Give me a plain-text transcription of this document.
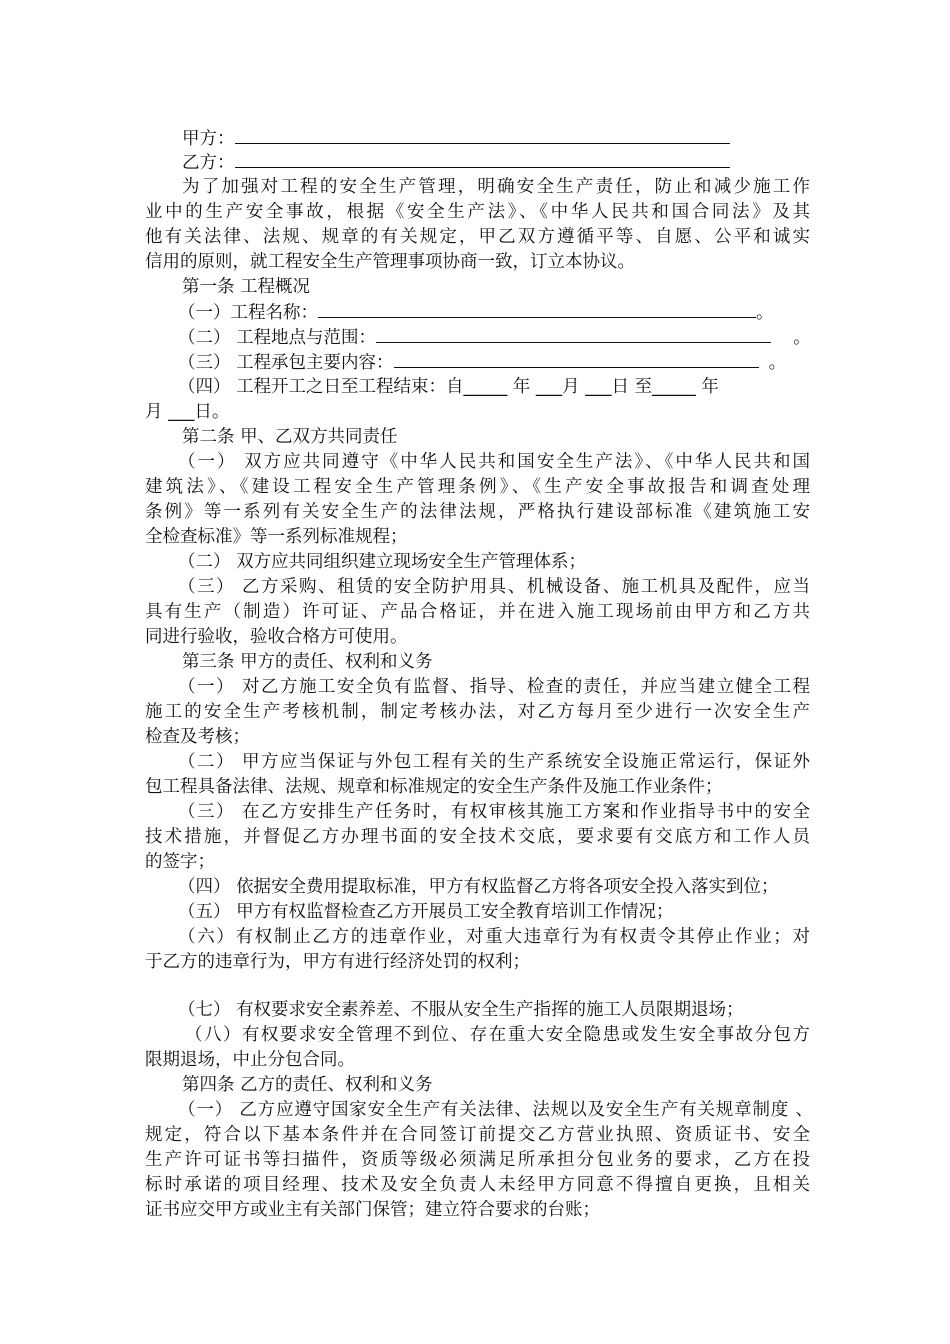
甲方：
乙方：
为了加强对工程的安全生产管理，明确安全生产责任，防止和减少施工作
业中的生产安全事故，根据《安全生产法》、《中华人民共和国合同法》及其
他有关法律、法规、规章的有关规定，甲乙双方遵循平等、自愿、公平和诚实
信用的原则，就工程安全生产管理事项协商一致，订立本协议。
第一条 工程概况
（一）工程名称：	。
（二） 工程地点与范围：	。
（三） 工程承包主要内容：	。
（四） 工程开工之日至工程结束：自_____ 年 ___月 ___日 至_____ 年
月 ___日。
第二条 甲、乙双方共同责任
（一） 双方应共同遵守《中华人民共和国安全生产法》、《中华人民共和国
建筑法》、《建设工程安全生产管理条例》、《生产安全事故报告和调查处理
条例》等一系列有关安全生产的法律法规，严格执行建设部标准《建筑施工安
全检查标准》等一系列标准规程；
（二） 双方应共同组织建立现场安全生产管理体系；
（三） 乙方采购、租赁的安全防护用具、机械设备、施工机具及配件，应当
具有生产（制造）许可证、产品合格证，并在进入施工现场前由甲方和乙方共
同进行验收，验收合格方可使用。
第三条 甲方的责任、权利和义务
（一） 对乙方施工安全负有监督、指导、检查的责任，并应当建立健全工程
施工的安全生产考核机制，制定考核办法，对乙方每月至少进行一次安全生产
检查及考核；
（二） 甲方应当保证与外包工程有关的生产系统安全设施正常运行，保证外
包工程具备法律、法规、规章和标准规定的安全生产条件及施工作业条件；
（三） 在乙方安排生产任务时，有权审核其施工方案和作业指导书中的安全
技术措施，并督促乙方办理书面的安全技术交底，要求要有交底方和工作人员
的签字；
（四） 依据安全费用提取标准，甲方有权监督乙方将各项安全投入落实到位；
（五） 甲方有权监督检查乙方开展员工安全教育培训工作情况；
（六）有权制止乙方的违章作业，对重大违章行为有权责令其停止作业；对
于乙方的违章行为，甲方有进行经济处罚的权利；
（七） 有权要求安全素养差、不服从安全生产指挥的施工人员限期退场；
（八）有权要求安全管理不到位、存在重大安全隐患或发生安全事故分包方
限期退场，中止分包合同。
第四条 乙方的责任、权利和义务
（一） 乙方应遵守国家安全生产有关法律、法规以及安全生产有关规章制度 、
规定，符合以下基本条件并在合同签订前提交乙方营业执照、资质证书、安全
生产许可证书等扫描件，资质等级必须满足所承担分包业务的要求，乙方在投
标时承诺的项目经理、技术及安全负责人未经甲方同意不得擅自更换，且相关
证书应交甲方或业主有关部门保管；建立符合要求的台账；
